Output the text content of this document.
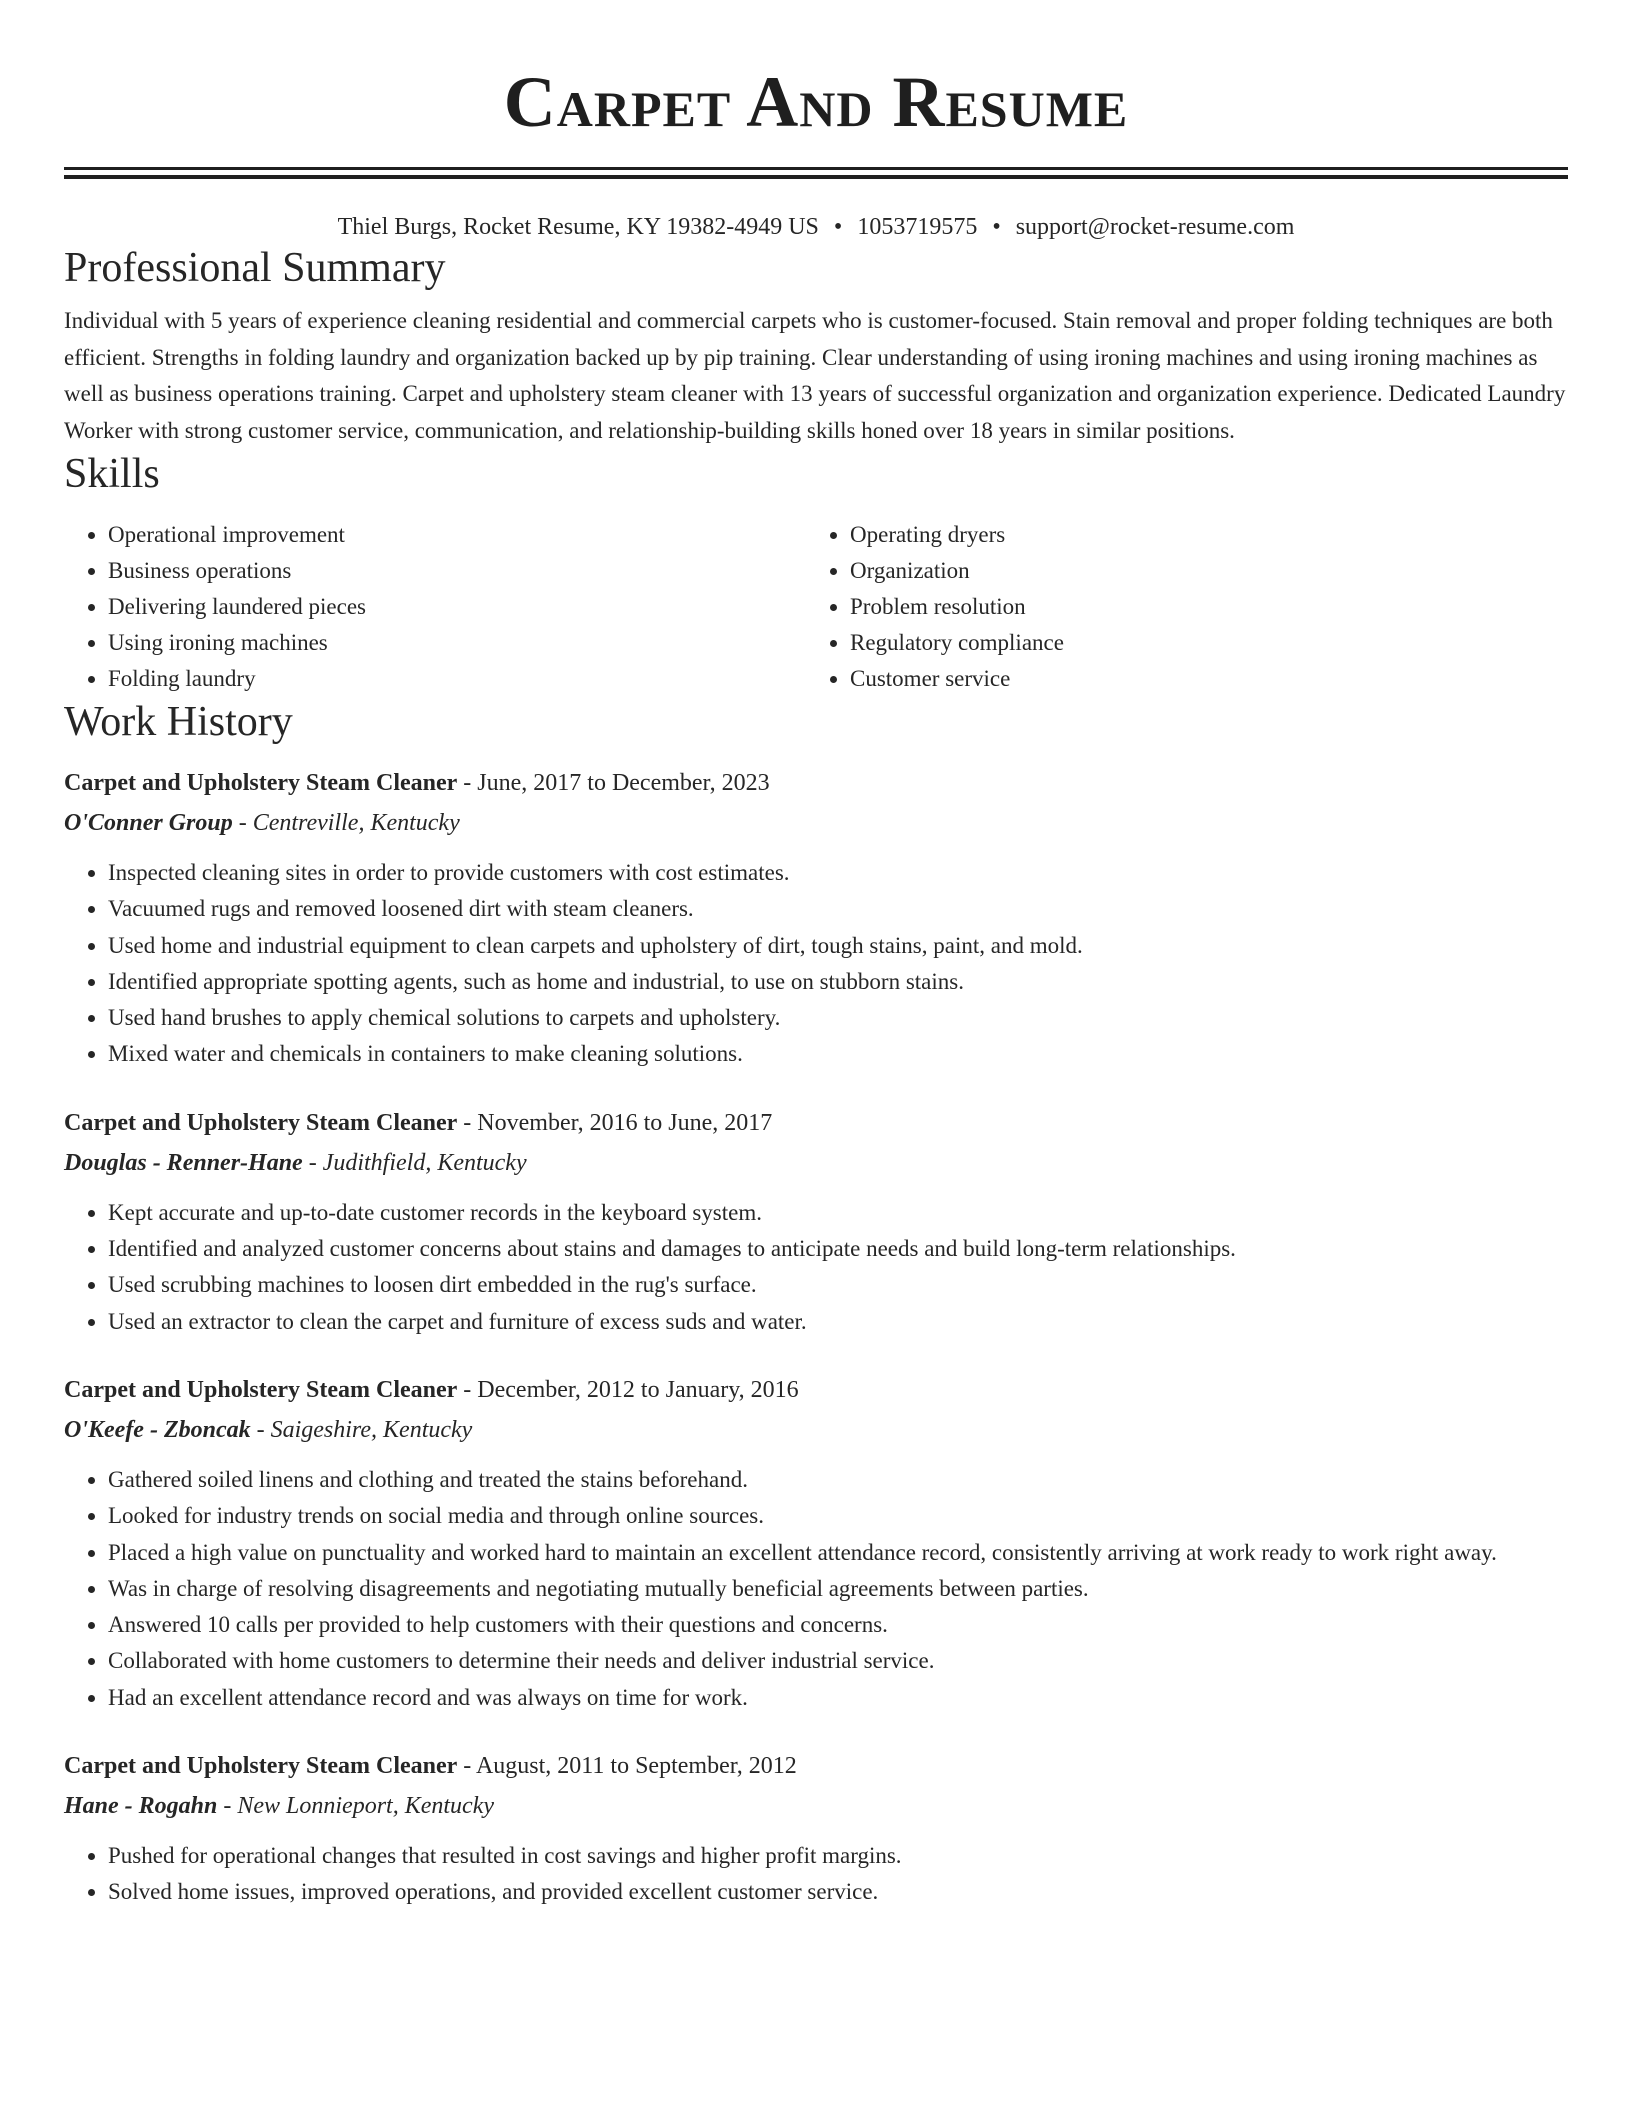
Carpet And Resume
Thiel Burgs, Rocket Resume, KY 19382-4949 US • 1053719575 • support@rocket-resume.com
Professional Summary
Individual with 5 years of experience cleaning residential and commercial carpets who is customer-focused. Stain removal and proper folding techniques are both efficient. Strengths in folding laundry and organization backed up by pip training. Clear understanding of using ironing machines and using ironing machines as well as business operations training. Carpet and upholstery steam cleaner with 13 years of successful organization and organization experience. Dedicated Laundry Worker with strong customer service, communication, and relationship-building skills honed over 18 years in similar positions.
Skills
• Operational improvement
• Business operations
• Delivering laundered pieces
• Using ironing machines
• Folding laundry
• Operating dryers
• Organization
• Problem resolution
• Regulatory compliance
• Customer service
Work History
Carpet and Upholstery Steam Cleaner - June, 2017 to December, 2023
O'Conner Group - Centreville, Kentucky
• Inspected cleaning sites in order to provide customers with cost estimates.
• Vacuumed rugs and removed loosened dirt with steam cleaners.
• Used home and industrial equipment to clean carpets and upholstery of dirt, tough stains, paint, and mold.
• Identified appropriate spotting agents, such as home and industrial, to use on stubborn stains.
• Used hand brushes to apply chemical solutions to carpets and upholstery.
• Mixed water and chemicals in containers to make cleaning solutions.
Carpet and Upholstery Steam Cleaner - November, 2016 to June, 2017
Douglas - Renner-Hane - Judithfield, Kentucky
• Kept accurate and up-to-date customer records in the keyboard system.
• Identified and analyzed customer concerns about stains and damages to anticipate needs and build long-term relationships.
• Used scrubbing machines to loosen dirt embedded in the rug's surface.
• Used an extractor to clean the carpet and furniture of excess suds and water.
Carpet and Upholstery Steam Cleaner - December, 2012 to January, 2016
O'Keefe - Zboncak - Saigeshire, Kentucky
• Gathered soiled linens and clothing and treated the stains beforehand.
• Looked for industry trends on social media and through online sources.
• Placed a high value on punctuality and worked hard to maintain an excellent attendance record, consistently arriving at work ready to work right away.
• Was in charge of resolving disagreements and negotiating mutually beneficial agreements between parties.
• Answered 10 calls per provided to help customers with their questions and concerns.
• Collaborated with home customers to determine their needs and deliver industrial service.
• Had an excellent attendance record and was always on time for work.
Carpet and Upholstery Steam Cleaner - August, 2011 to September, 2012
Hane - Rogahn - New Lonnieport, Kentucky
• Pushed for operational changes that resulted in cost savings and higher profit margins.
• Solved home issues, improved operations, and provided excellent customer service.
